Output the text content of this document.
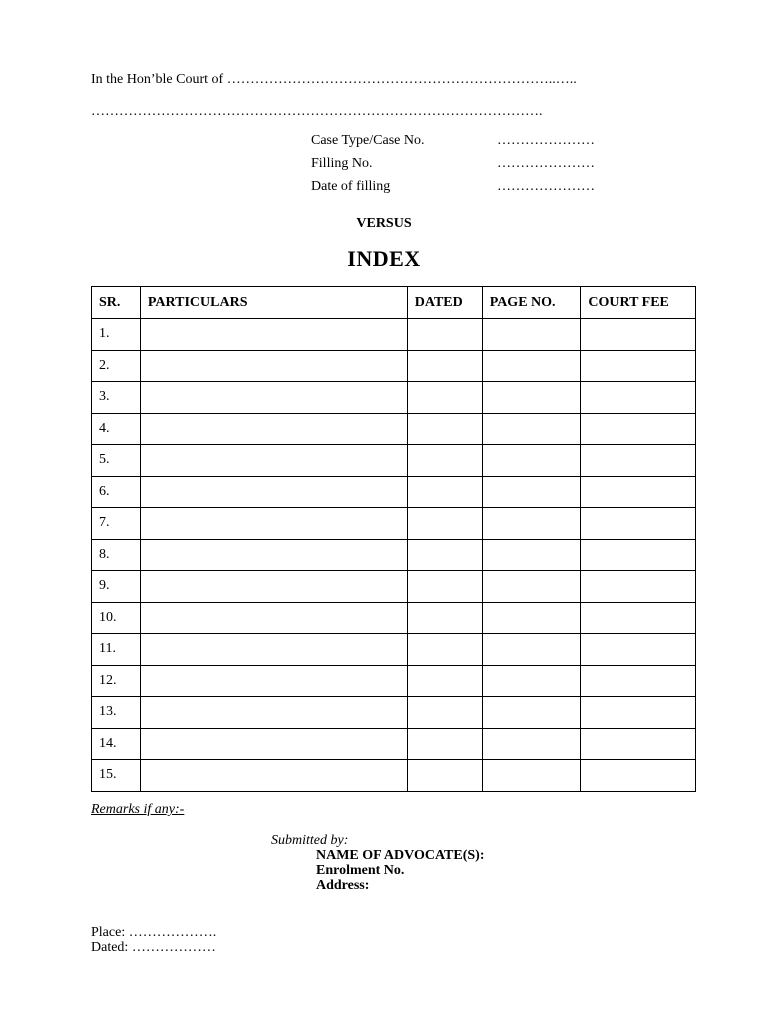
In the Hon’ble Court of ……………………………………………………………..…..
…………………………………………………………………………………….
Case Type/Case No.	…………………
Filling No.	…………………
Date of filling	…………………
VERSUS
INDEX
SR.	PARTICULARS	DATED	PAGE NO.	COURT FEE
1.				
2.				
3.				
4.				
5.				
6.				
7.				
8.				
9.				
10.				
11.				
12.				
13.				
14.				
15.				
Remarks if any:-
Submitted by:
NAME OF ADVOCATE(S):
Enrolment No.
Address:
Place: ……………….
Dated: ………………
